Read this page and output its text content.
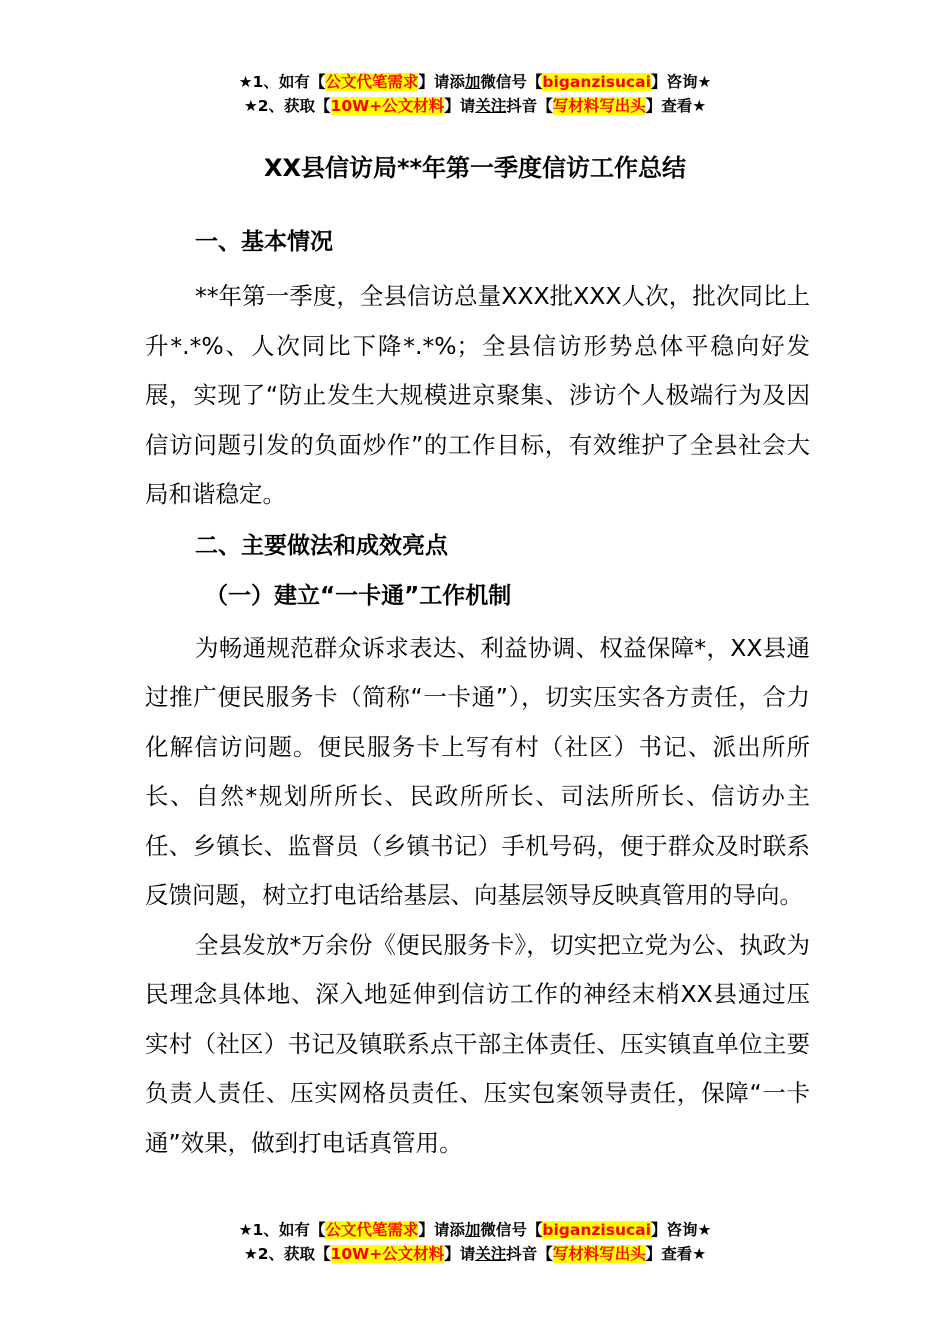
★1、如有【公文代笔需求】请添加微信号【biganzisucai】咨询★
★2、获取【10W+公文材料】请关注抖音【写材料写出头】查看★
XX县信访局**年第一季度信访工作总结
一、基本情况

**年第一季度，全县信访总量XXX批XXX人次，批次同比上升*.*%、人次同比下降*.*%；全县信访形势总体平稳向好发展，实现了“防止发生大规模进京聚集、涉访个人极端行为及因信访问题引发的负面炒作”的工作目标，有效维护了全县社会大局和谐稳定。

二、主要做法和成效亮点
（一）建立“一卡通”工作机制

为畅通规范群众诉求表达、利益协调、权益保障*，XX县通过推广便民服务卡（简称“一卡通”），切实压实各方责任，合力化解信访问题。便民服务卡上写有村（社区）书记、派出所所长、自然*规划所所长、民政所所长、司法所所长、信访办主任、乡镇长、监督员（乡镇书记）手机号码，便于群众及时联系反馈问题，树立打电话给基层、向基层领导反映真管用的导向。

全县发放*万余份《便民服务卡》，切实把立党为公、执政为民理念具体地、深入地延伸到信访工作的神经末梢XX县通过压实村（社区）书记及镇联系点干部主体责任、压实镇直单位主要负责人责任、压实网格员责任、压实包案领导责任，保障“一卡通”效果，做到打电话真管用。

★1、如有【公文代笔需求】请添加微信号【biganzisucai】咨询★
★2、获取【10W+公文材料】请关注抖音【写材料写出头】查看★
